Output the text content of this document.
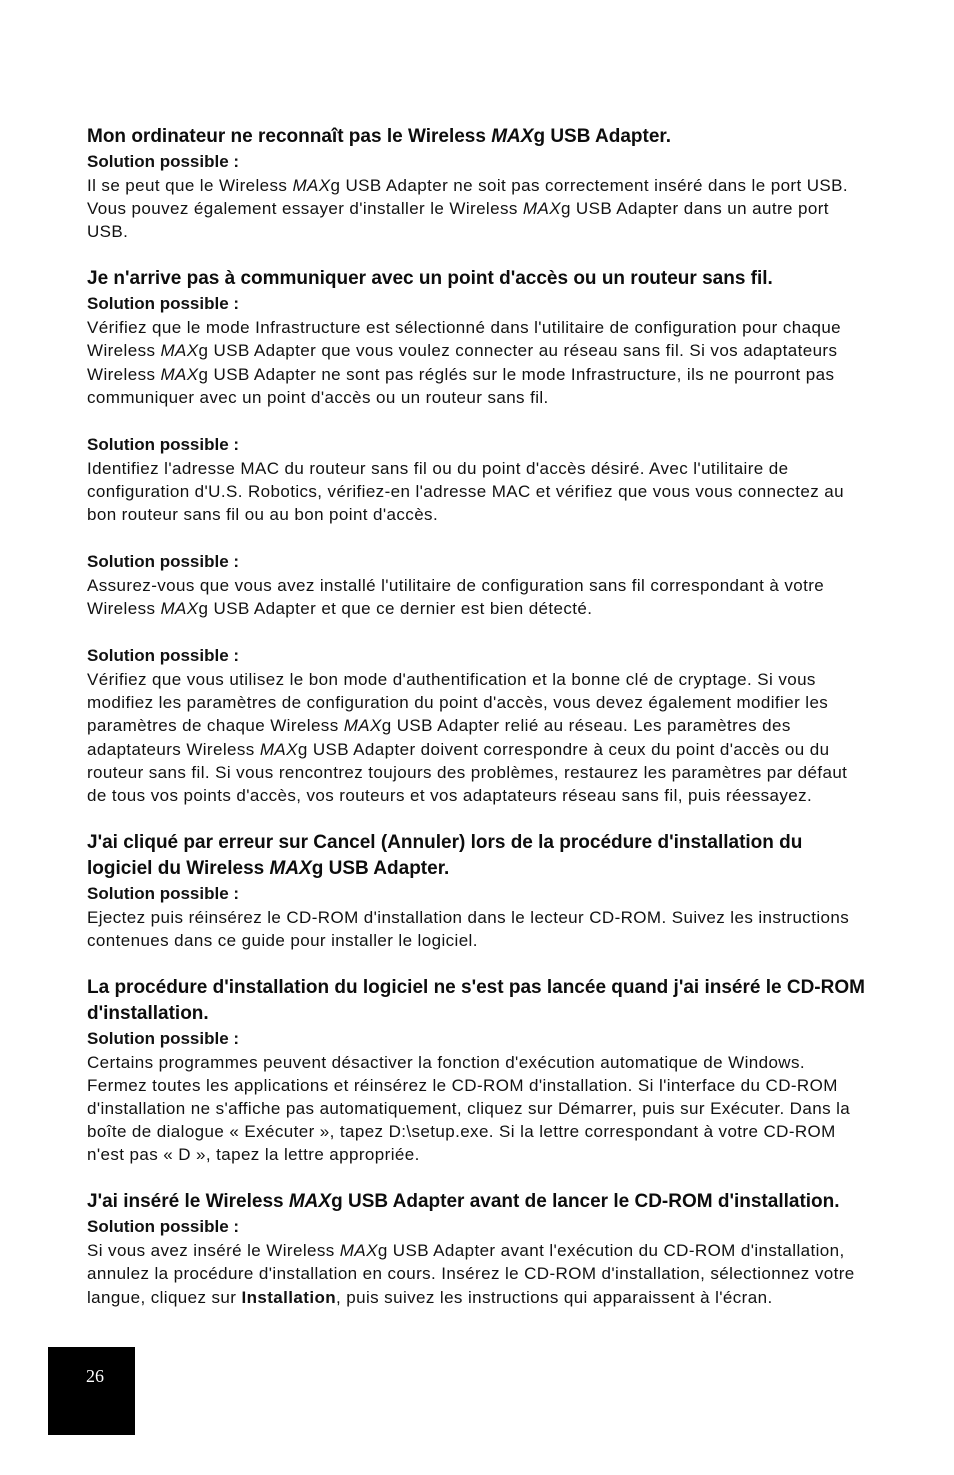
Mon ordinateur ne reconnaît pas le Wireless MAXg USB Adapter.

Solution possible :

Il se peut que le Wireless MAXg USB Adapter ne soit pas correctement inséré dans le port USB. Vous pouvez également essayer d'installer le Wireless MAXg USB Adapter dans un autre port USB.

Je n'arrive pas à communiquer avec un point d'accès ou un routeur sans fil.

Solution possible :

Vérifiez que le mode Infrastructure est sélectionné dans l'utilitaire de configuration pour chaque Wireless MAXg USB Adapter que vous voulez connecter au réseau sans fil. Si vos adaptateurs Wireless MAXg USB Adapter ne sont pas réglés sur le mode Infrastructure, ils ne pourront pas communiquer avec un point d'accès ou un routeur sans fil.

Solution possible :

Identifiez l'adresse MAC du routeur sans fil ou du point d'accès désiré. Avec l'utilitaire de configuration d'U.S. Robotics, vérifiez-en l'adresse MAC et vérifiez que vous vous connectez au bon routeur sans fil ou au bon point d'accès.

Solution possible :

Assurez-vous que vous avez installé l'utilitaire de configuration sans fil correspondant à votre Wireless MAXg USB Adapter et que ce dernier est bien détecté.

Solution possible :

Vérifiez que vous utilisez le bon mode d'authentification et la bonne clé de cryptage. Si vous modifiez les paramètres de configuration du point d'accès, vous devez également modifier les paramètres de chaque Wireless MAXg USB Adapter relié au réseau. Les paramètres des adaptateurs Wireless MAXg USB Adapter doivent correspondre à ceux du point d'accès ou du routeur sans fil. Si vous rencontrez toujours des problèmes, restaurez les paramètres par défaut de tous vos points d'accès, vos routeurs et vos adaptateurs réseau sans fil, puis réessayez.

J'ai cliqué par erreur sur Cancel (Annuler) lors de la procédure d'installation du logiciel du Wireless MAXg USB Adapter.

Solution possible :

Ejectez puis réinsérez le CD-ROM d'installation dans le lecteur CD-ROM. Suivez les instructions contenues dans ce guide pour installer le logiciel.

La procédure d'installation du logiciel ne s'est pas lancée quand j'ai inséré le CD-ROM d'installation.

Solution possible :

Certains programmes peuvent désactiver la fonction d'exécution automatique de Windows. Fermez toutes les applications et réinsérez le CD-ROM d'installation. Si l'interface du CD-ROM d'installation ne s'affiche pas automatiquement, cliquez sur Démarrer, puis sur Exécuter. Dans la boîte de dialogue « Exécuter », tapez D:\setup.exe. Si la lettre correspondant à votre CD-ROM n'est pas « D », tapez la lettre appropriée.

J'ai inséré le Wireless MAXg USB Adapter avant de lancer le CD-ROM d'installation.

Solution possible :

Si vous avez inséré le Wireless MAXg USB Adapter avant l'exécution du CD-ROM d'installation, annulez la procédure d'installation en cours. Insérez le CD-ROM d'installation, sélectionnez votre langue, cliquez sur Installation, puis suivez les instructions qui apparaissent à l'écran.

26
